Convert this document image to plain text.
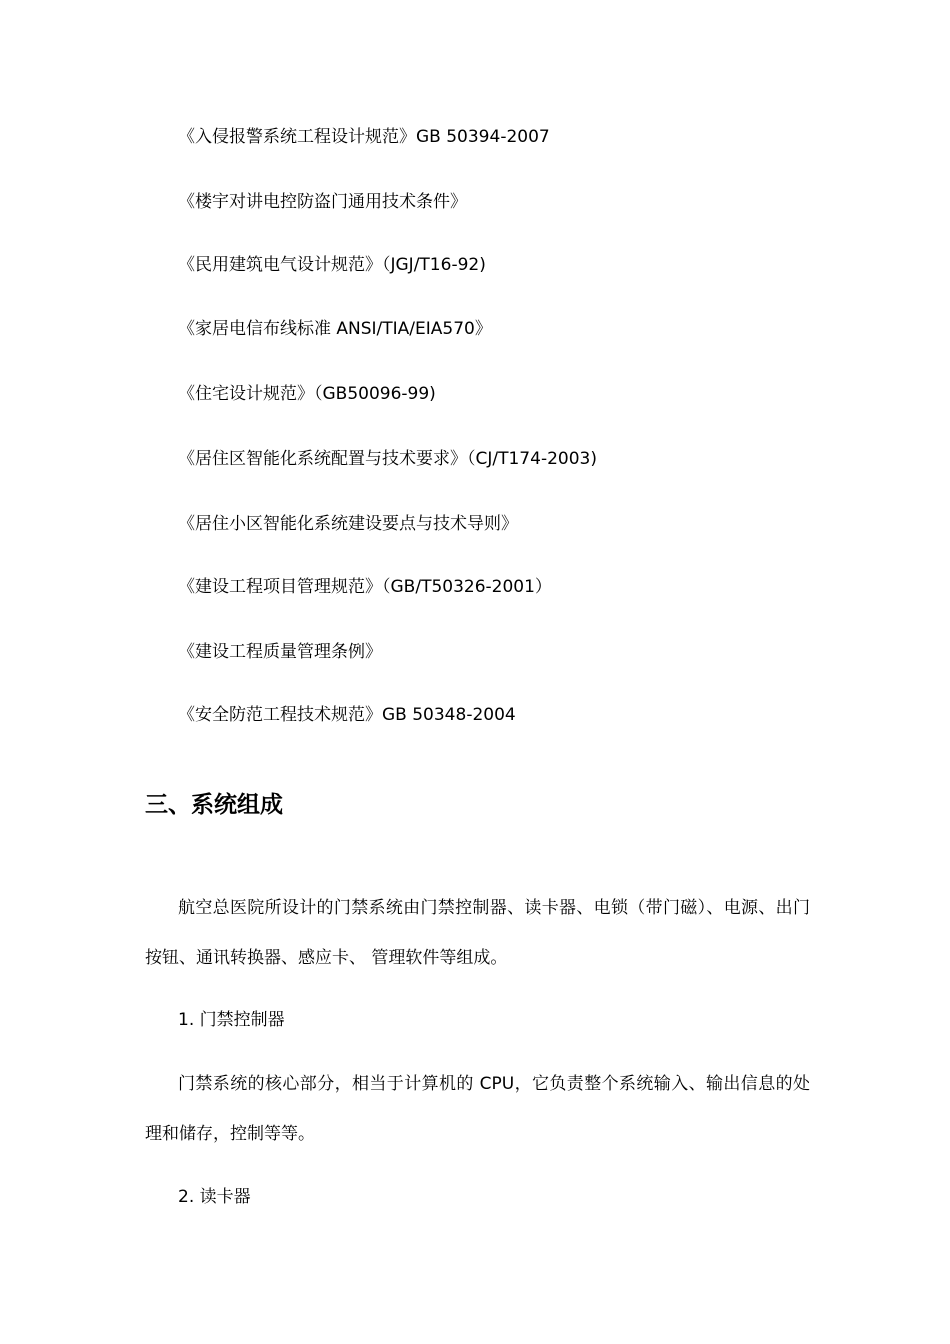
《入侵报警系统工程设计规范》GB 50394-2007
《楼宇对讲电控防盗门通用技术条件》
《民用建筑电气设计规范》（JGJ/T16-92)
《家居电信布线标准 ANSI/TIA/EIA570》
《住宅设计规范》（GB50096-99)
《居住区智能化系统配置与技术要求》（CJ/T174-2003)
《居住小区智能化系统建设要点与技术导则》
《建设工程项目管理规范》（GB/T50326-2001）
《建设工程质量管理条例》
《安全防范工程技术规范》GB 50348-2004
三、系统组成
航空总医院所设计的门禁系统由门禁控制器、读卡器、电锁（带门磁）、电源、出门按钮、通讯转换器、感应卡、 管理软件等组成。
1. 门禁控制器
门禁系统的核心部分，相当于计算机的 CPU，它负责整个系统输入、输出信息的处理和储存，控制等等。
2. 读卡器
